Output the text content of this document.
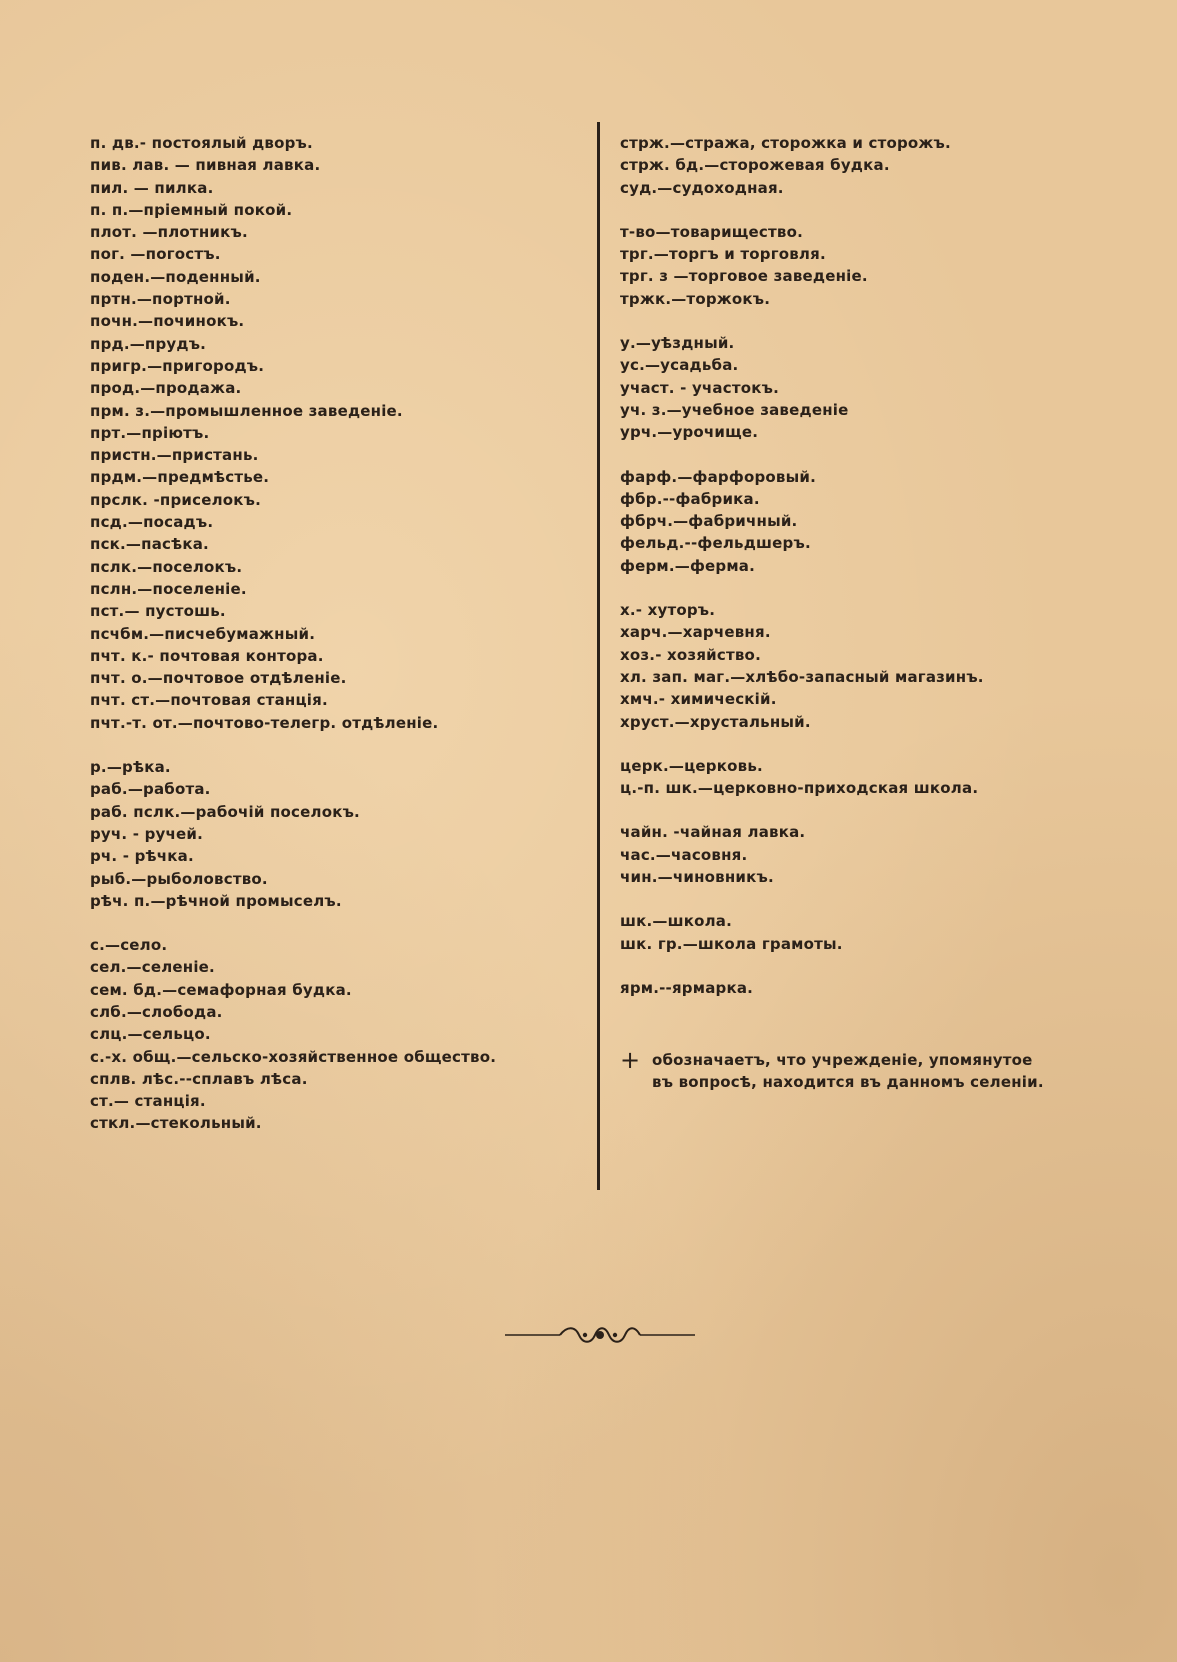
п. дв.- постоялый дворъ.
пив. лав. — пивная лавка.
пил. — пилка.
п. п.—пріемный покой.
плот. —плотникъ.
пог. —погостъ.
поден.—поденный.
пртн.—портной.
почн.—починокъ.
прд.—прудъ.
пригр.—пригородъ.
прод.—продажа.
прм. з.—промышленное заведеніе.
прт.—пріютъ.
пристн.—пристань.
прдм.—предмѣстье.
прслк. -приселокъ.
псд.—посадъ.
пск.—пасѣка.
пслк.—поселокъ.
пслн.—поселеніе.
пст.— пустошь.
псчбм.—писчебумажный.
пчт. к.- почтовая контора.
пчт. о.—почтовое отдѣленіе.
пчт. ст.—почтовая станція.
пчт.-т. от.—почтово-телегр. отдѣленіе.
р.—рѣка.
раб.—работа.
раб. пслк.—рабочій поселокъ.
руч. - ручей.
рч. - рѣчка.
рыб.—рыболовство.
рѣч. п.—рѣчной промыселъ.
с.—село.
сел.—селеніе.
сем. бд.—семафорная будка.
слб.—слобода.
слц.—сельцо.
с.-х. общ.—сельско-хозяйственное общество.
сплв. лѣс.--сплавъ лѣса.
ст.— станція.
сткл.—стекольный.
стрж.—стража, сторожка и сторожъ.
стрж. бд.—сторожевая будка.
суд.—судоходная.
т-во—товарищество.
трг.—торгъ и торговля.
трг. з —торговое заведеніе.
тржк.—торжокъ.
у.—уѣздный.
ус.—усадьба.
участ. - участокъ.
уч. з.—учебное заведеніе
урч.—урочище.
фарф.—фарфоровый.
фбр.--фабрика.
фбрч.—фабричный.
фельд.--фельдшеръ.
ферм.—ферма.
х.- хуторъ.
харч.—харчевня.
хоз.- хозяйство.
хл. зап. маг.—хлѣбо-запасный магазинъ.
хмч.- химическій.
хруст.—хрустальный.
церк.—церковь.
ц.-п. шк.—церковно-приходская школа.
чайн. -чайная лавка.
час.—часовня.
чин.—чиновникъ.
шк.—школа.
шк. гр.—школа грамоты.
ярм.--ярмарка.
+ обозначаетъ, что учрежденіе, упомянутое
въ вопросѣ, находится въ данномъ селеніи.
